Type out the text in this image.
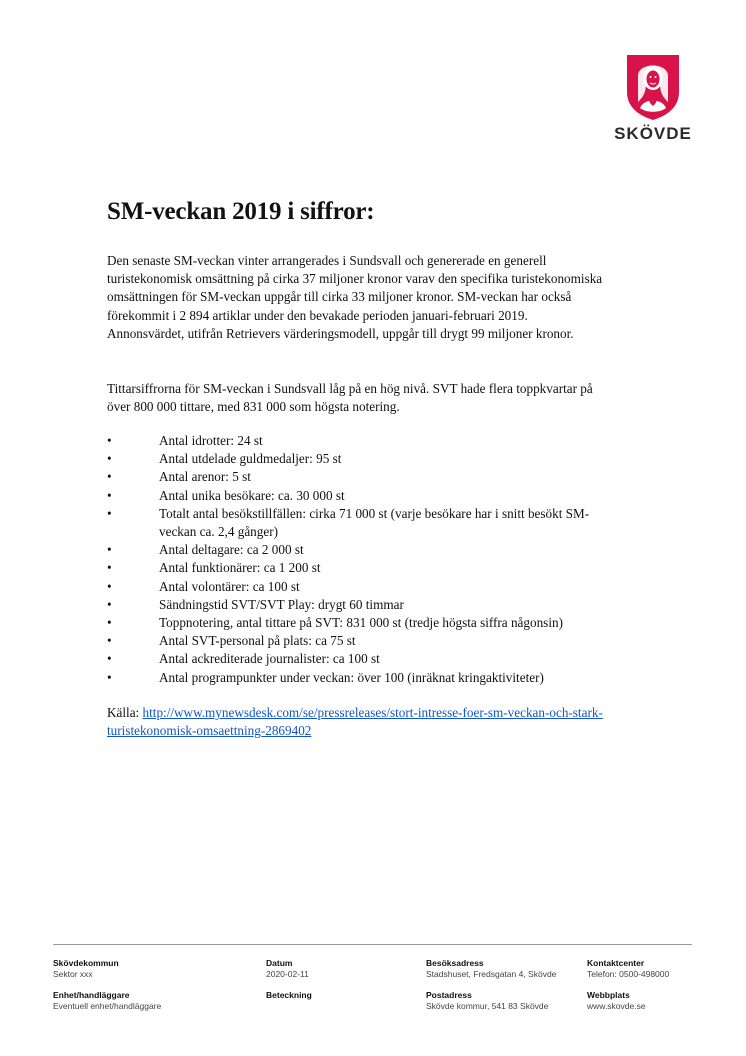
SKÖVDE
SM-veckan 2019 i siffror:

Den senaste SM-veckan vinter arrangerades i Sundsvall och genererade en generell turistekonomisk omsättning på cirka 37 miljoner kronor varav den specifika turistekonomiska omsättningen för SM-veckan uppgår till cirka 33 miljoner kronor. SM-veckan har också förekommit i 2 894 artiklar under den bevakade perioden januari-februari 2019. Annonsvärdet, utifrån Retrievers värderingsmodell, uppgår till drygt 99 miljoner kronor.

Tittarsiffrorna för SM-veckan i Sundsvall låg på en hög nivå. SVT hade flera toppkvartar på över 800 000 tittare, med 831 000 som högsta notering.

•	Antal idrotter: 24 st
•	Antal utdelade guldmedaljer: 95 st
•	Antal arenor: 5 st
•	Antal unika besökare: ca. 30 000 st
•	Totalt antal besökstillfällen: cirka 71 000 st (varje besökare har i snitt besökt SM-veckan ca. 2,4 gånger)
•	Antal deltagare: ca 2 000 st
•	Antal funktionärer: ca 1 200 st
•	Antal volontärer: ca 100 st
•	Sändningstid SVT/SVT Play: drygt 60 timmar
•	Toppnotering, antal tittare på SVT: 831 000 st (tredje högsta siffra någonsin)
•	Antal SVT-personal på plats: ca 75 st
•	Antal ackrediterade journalister: ca 100 st
•	Antal programpunkter under veckan: över 100 (inräknat kringaktiviteter)

Källa: http://www.mynewsdesk.com/se/pressreleases/stort-intresse-foer-sm-veckan-och-stark-turistekonomisk-omsaettning-2869402

Skövdekommun
Sektor xxx
Enhet/handläggare
Eventuell enhet/handläggare
Datum
2020-02-11
Beteckning
Besöksadress
Stadshuset, Fredsgatan 4, Skövde
Postadress
Skövde kommur, 541 83 Skövde
Kontaktcenter
Telefon: 0500-498000
Webbplats
www.skovde.se
